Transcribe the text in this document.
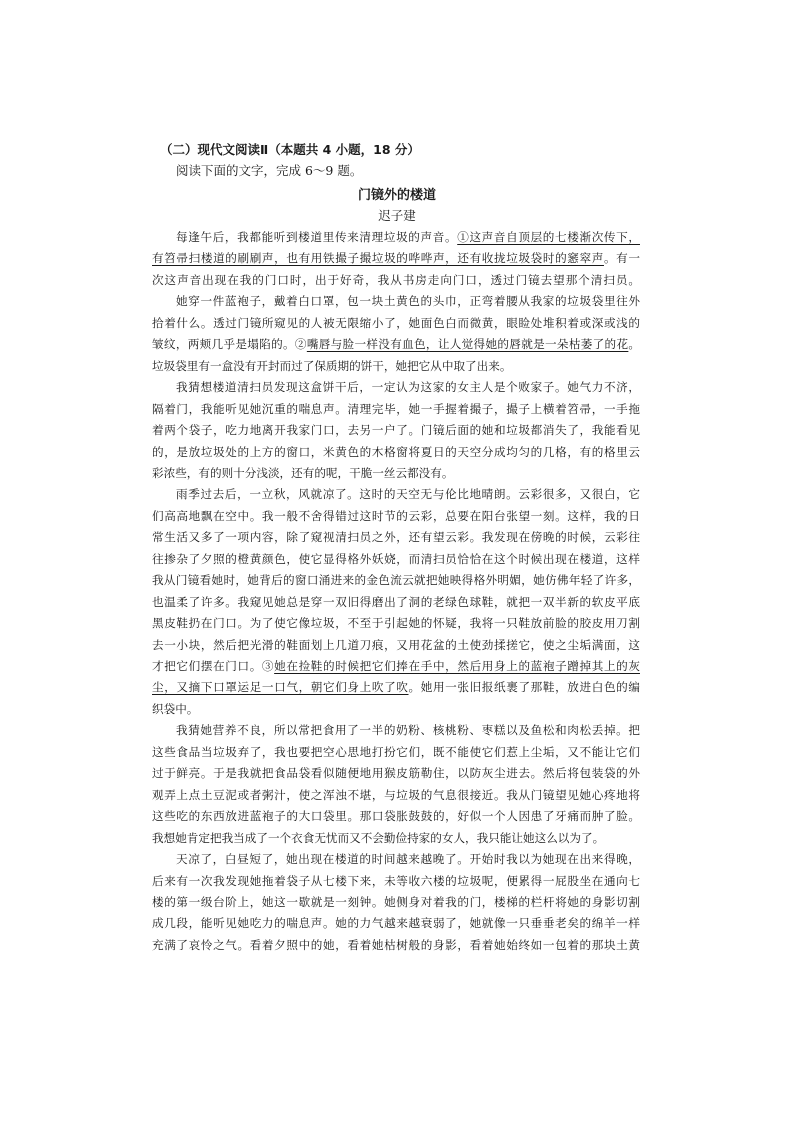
（二）现代文阅读Ⅱ（本题共 4 小题，18 分）
阅读下面的文字，完成 6～9 题。
门镜外的楼道
迟子建
每逢午后，我都能听到楼道里传来清理垃圾的声音。①这声音自顶层的七楼渐次传下，
有笤帚扫楼道的刷刷声，也有用铁撮子撮垃圾的哗哗声，还有收拢垃圾袋时的窸窣声。有一
次这声音出现在我的门口时，出于好奇，我从书房走向门口，透过门镜去望那个清扫员。
她穿一件蓝袍子，戴着白口罩，包一块土黄色的头巾，正弯着腰从我家的垃圾袋里往外
拾着什么。透过门镜所窥见的人被无限缩小了，她面色白而微黄，眼睑处堆积着或深或浅的
皱纹，两颊几乎是塌陷的。②嘴唇与脸一样没有血色，让人觉得她的唇就是一朵枯萎了的花。
垃圾袋里有一盒没有开封而过了保质期的饼干，她把它从中取了出来。
我猜想楼道清扫员发现这盒饼干后，一定认为这家的女主人是个败家子。她气力不济，
隔着门，我能听见她沉重的喘息声。清理完毕，她一手握着撮子，撮子上横着笤帚，一手拖
着两个袋子，吃力地离开我家门口，去另一户了。门镜后面的她和垃圾都消失了，我能看见
的，是放垃圾处的上方的窗口，米黄色的木格窗将夏日的天空分成均匀的几格，有的格里云
彩浓些，有的则十分浅淡，还有的呢，干脆一丝云都没有。
雨季过去后，一立秋，风就凉了。这时的天空无与伦比地晴朗。云彩很多，又很白，它
们高高地飘在空中。我一般不舍得错过这时节的云彩，总要在阳台张望一刻。这样，我的日
常生活又多了一项内容，除了窥视清扫员之外，还有望云彩。我发现在傍晚的时候，云彩往
往掺杂了夕照的橙黄颜色，使它显得格外妖娆，而清扫员恰恰在这个时候出现在楼道，这样
我从门镜看她时，她背后的窗口涌进来的金色流云就把她映得格外明媚，她仿佛年轻了许多，
也温柔了许多。我窥见她总是穿一双旧得磨出了洞的老绿色球鞋，就把一双半新的软皮平底
黑皮鞋扔在门口。为了使它像垃圾，不至于引起她的怀疑，我将一只鞋放前脸的胶皮用刀割
去一小块，然后把光滑的鞋面划上几道刀痕，又用花盆的土使劲揉搓它，使之尘垢满面，这
才把它们摆在门口。③她在捡鞋的时候把它们捧在手中，然后用身上的蓝袍子蹭掉其上的灰
尘，又摘下口罩运足一口气，朝它们身上吹了吹。她用一张旧报纸裹了那鞋，放进白色的编
织袋中。
我猜她营养不良，所以常把食用了一半的奶粉、核桃粉、枣糕以及鱼松和肉松丢掉。把
这些食品当垃圾弃了，我也要把空心思地打扮它们，既不能使它们惹上尘垢，又不能让它们
过于鲜亮。于是我就把食品袋看似随便地用猴皮筋勒住，以防灰尘进去。然后将包装袋的外
观弄上点土豆泥或者粥汁，使之浑浊不堪，与垃圾的气息很接近。我从门镜望见她心疼地将
这些吃的东西放进蓝袍子的大口袋里。那口袋胀鼓鼓的，好似一个人因患了牙痛而肿了脸。
我想她肯定把我当成了一个衣食无忧而又不会勤俭持家的女人，我只能让她这么以为了。
天凉了，白昼短了，她出现在楼道的时间越来越晚了。开始时我以为她现在出来得晚，
后来有一次我发现她拖着袋子从七楼下来，未等收六楼的垃圾呢，便累得一屁股坐在通向七
楼的第一级台阶上，她这一歇就是一刻钟。她侧身对着我的门，楼梯的栏杆将她的身影切割
成几段，能听见她吃力的喘息声。她的力气越来越衰弱了，她就像一只垂垂老矣的绵羊一样
充满了哀怜之气。看着夕照中的她，看着她枯树般的身影，看着她始终如一包着的那块土黄
